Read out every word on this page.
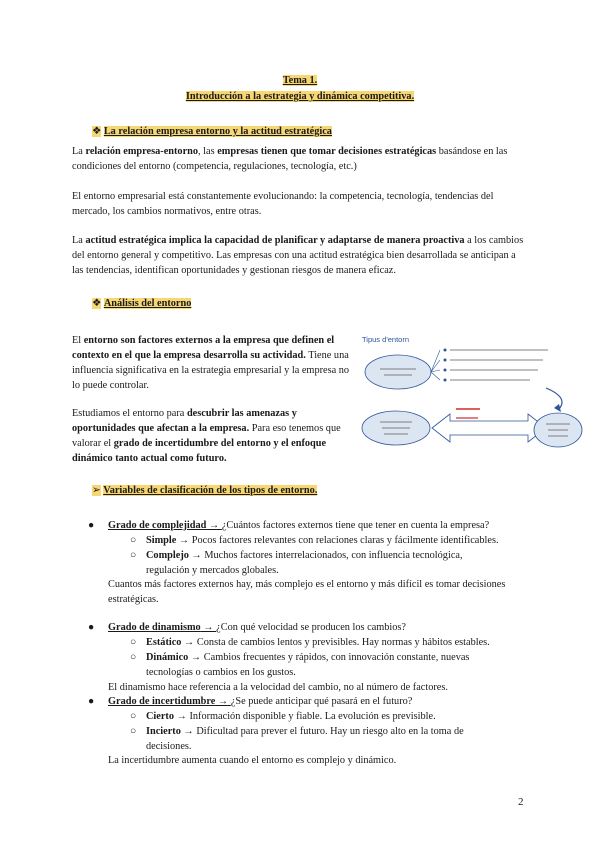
Tema 1.
Introducción a la estrategia y dinámica competitiva.
❖ La relación empresa entorno y la actitud estratégica

La relación empresa-entorno, las empresas tienen que tomar decisiones estratégicas basándose en las condiciones del entorno (competencia, regulaciones, tecnología, etc.)

El entorno empresarial está constantemente evolucionando: la competencia, tecnología, tendencias del mercado, los cambios normativos, entre otras.

La actitud estratégica implica la capacidad de planificar y adaptarse de manera proactiva a los cambios del entorno general y competitivo. Las empresas con una actitud estratégica bien desarrollada se anticipan a las tendencias, identifican oportunidades y gestionan riesgos de manera eficaz.

❖ Análisis del entorno

El entorno son factores externos a la empresa que definen el contexto en el que la empresa desarrolla su actividad. Tiene una influencia significativa en la estrategia empresarial y la empresa no lo puede controlar.

Estudiamos el entorno para descubrir las amenazas y oportunidades que afectan a la empresa. Para eso tenemos que valorar el grado de incertidumbre del entorno y el enfoque dinámico tanto actual como futuro.

Tipus d'entorn
➢ Variables de clasificación de los tipos de entorno.
● Grado de complejidad → ¿Cuántos factores externos tiene que tener en cuenta la empresa?

○ Simple → Pocos factores relevantes con relaciones claras y fácilmente identificables.

○ Complejo → Muchos factores interrelacionados, con influencia tecnológica, regulación y mercados globales.

Cuantos más factores externos hay, más complejo es el entorno y más difícil es tomar decisiones estratégicas.

● Grado de dinamismo → ¿Con qué velocidad se producen los cambios?

○ Estático → Consta de cambios lentos y previsibles. Hay normas y hábitos estables.

○ Dinámico → Cambios frecuentes y rápidos, con innovación constante, nuevas tecnologías o cambios en los gustos.

El dinamismo hace referencia a la velocidad del cambio, no al número de factores.

● Grado de incertidumbre → ¿Se puede anticipar qué pasará en el futuro?

○ Cierto → Información disponible y fiable. La evolución es previsible.

○ Incierto → Dificultad para prever el futuro. Hay un riesgo alto en la toma de decisiones.

La incertidumbre aumenta cuando el entorno es complejo y dinámico.

2
